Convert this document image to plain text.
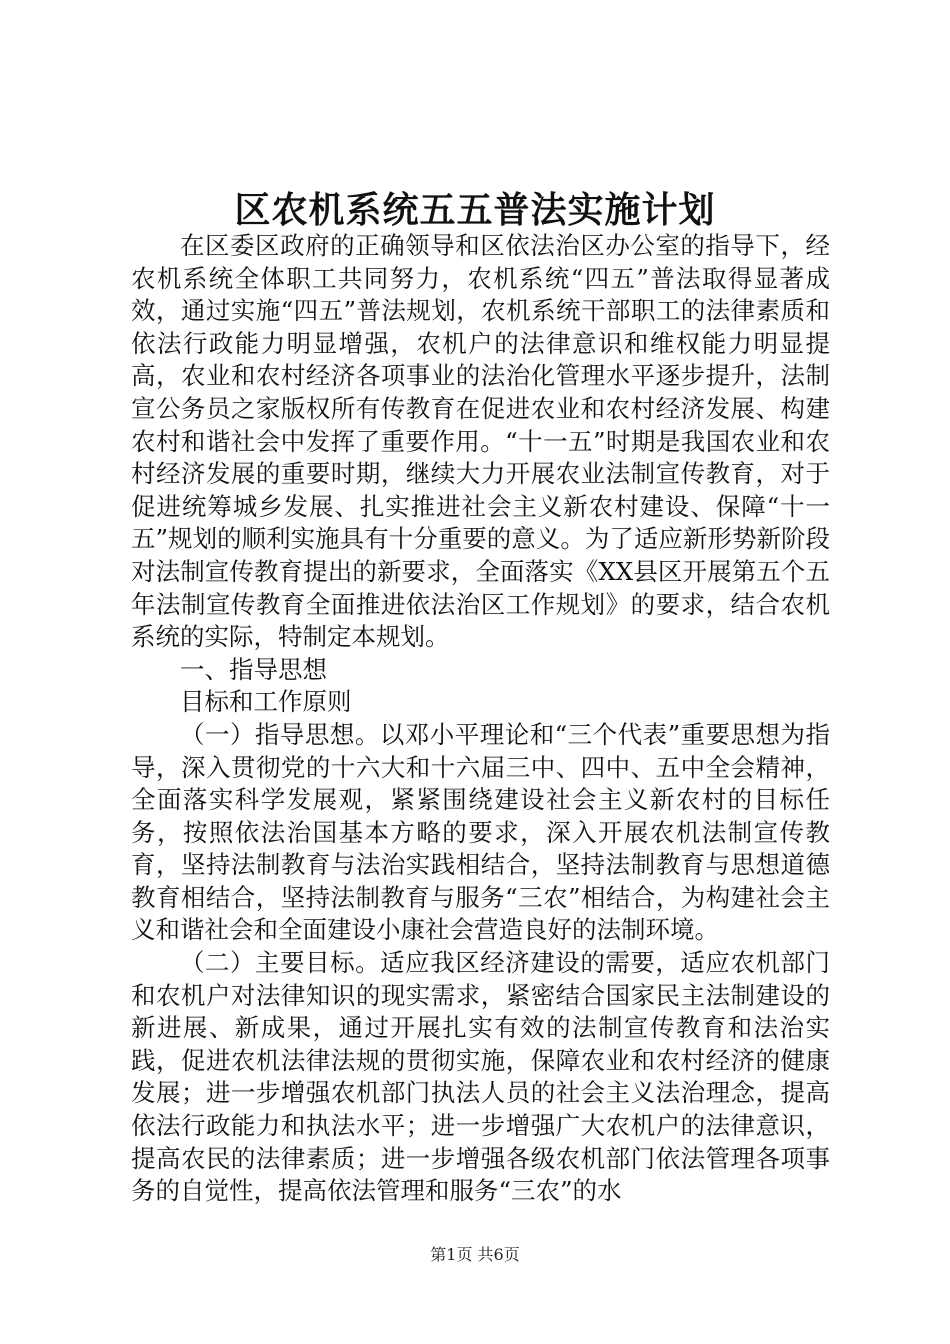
区农机系统五五普法实施计划

在区委区政府的正确领导和区依法治区办公室的指导下，经农机系统全体职工共同努力，农机系统“四五”普法取得显著成效，通过实施“四五”普法规划，农机系统干部职工的法律素质和依法行政能力明显增强，农机户的法律意识和维权能力明显提高，农业和农村经济各项事业的法治化管理水平逐步提升，法制宣公务员之家版权所有传教育在促进农业和农村经济发展、构建农村和谐社会中发挥了重要作用。“十一五”时期是我国农业和农村经济发展的重要时期，继续大力开展农业法制宣传教育，对于促进统筹城乡发展、扎实推进社会主义新农村建设、保障“十一五”规划的顺利实施具有十分重要的意义。为了适应新形势新阶段对法制宣传教育提出的新要求，全面落实《XX县区开展第五个五年法制宣传教育全面推进依法治区工作规划》的要求，结合农机系统的实际，特制定本规划。

一、指导思想

目标和工作原则

（一）指导思想。以邓小平理论和“三个代表”重要思想为指导，深入贯彻党的十六大和十六届三中、四中、五中全会精神，全面落实科学发展观，紧紧围绕建设社会主义新农村的目标任务，按照依法治国基本方略的要求，深入开展农机法制宣传教育，坚持法制教育与法治实践相结合，坚持法制教育与思想道德教育相结合，坚持法制教育与服务“三农”相结合，为构建社会主义和谐社会和全面建设小康社会营造良好的法制环境。

（二）主要目标。适应我区经济建设的需要，适应农机部门和农机户对法律知识的现实需求，紧密结合国家民主法制建设的新进展、新成果，通过开展扎实有效的法制宣传教育和法治实践，促进农机法律法规的贯彻实施，保障农业和农村经济的健康发展；进一步增强农机部门执法人员的社会主义法治理念，提高依法行政能力和执法水平；进一步增强广大农机户的法律意识，提高农民的法律素质；进一步增强各级农机部门依法管理各项事务的自觉性，提高依法管理和服务“三农”的水

第1页 共6页
